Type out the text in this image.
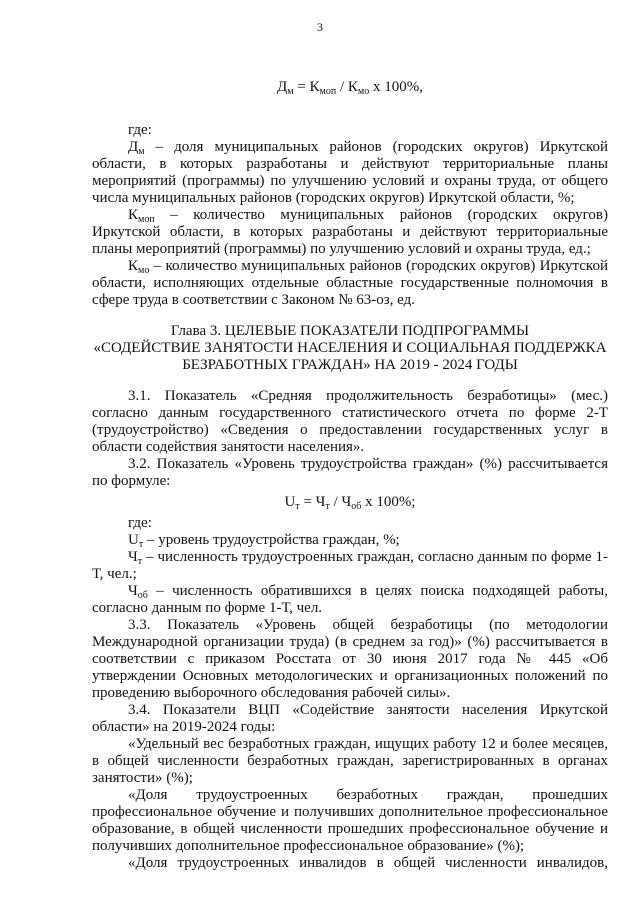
3

$Д_м = К_{моп} / К_{мо}$ х 100%,

где:

$Д_м$ – доля муниципальных районов (городских округов) Иркутской области, в которых разработаны и действуют территориальные планы мероприятий (программы) по улучшению условий и охраны труда, от общего числа муниципальных районов (городских округов) Иркутской области, %;

$К_{моп}$ – количество муниципальных районов (городских округов) Иркутской области, в которых разработаны и действуют территориальные планы мероприятий (программы) по улучшению условий и охраны труда, ед.;

$К_{мо}$ – количество муниципальных районов (городских округов) Иркутской области, исполняющих отдельные областные государственные полномочия в сфере труда в соответствии с Законом № 63-оз, ед.

Глава 3. ЦЕЛЕВЫЕ ПОКАЗАТЕЛИ ПОДПРОГРАММЫ
«СОДЕЙСТВИЕ ЗАНЯТОСТИ НАСЕЛЕНИЯ И СОЦИАЛЬНАЯ ПОДДЕРЖКА
БЕЗРАБОТНЫХ ГРАЖДАН» НА 2019 - 2024 ГОДЫ

3.1. Показатель «Средняя продолжительность безработицы» (мес.) согласно данным государственного статистического отчета по форме 2-Т (трудоустройство) «Сведения о предоставлении государственных услуг в области содействия занятости населения».

3.2. Показатель «Уровень трудоустройства граждан» (%) рассчитывается по формуле:

$U_т = Ч_т / Ч_{об}$ х 100%;

где:

$U_т$ – уровень трудоустройства граждан, %;

$Ч_т$ – численность трудоустроенных граждан, согласно данным по форме 1-Т, чел.;

$Ч_{об}$ – численность обратившихся в целях поиска подходящей работы, согласно данным по форме 1-Т, чел.

3.3. Показатель «Уровень общей безработицы (по методологии Международной организации труда) (в среднем за год)» (%) рассчитывается в соответствии с приказом Росстата от 30 июня 2017 года № 445 «Об утверждении Основных методологических и организационных положений по проведению выборочного обследования рабочей силы».

3.4. Показатели ВЦП «Содействие занятости населения Иркутской области» на 2019-2024 годы:

«Удельный вес безработных граждан, ищущих работу 12 и более месяцев, в общей численности безработных граждан, зарегистрированных в органах занятости» (%);

«Доля трудоустроенных безработных граждан, прошедших профессиональное обучение и получивших дополнительное профессиональное образование, в общей численности прошедших профессиональное обучение и получивших дополнительное профессиональное образование» (%);

«Доля трудоустроенных инвалидов в общей численности инвалидов,
